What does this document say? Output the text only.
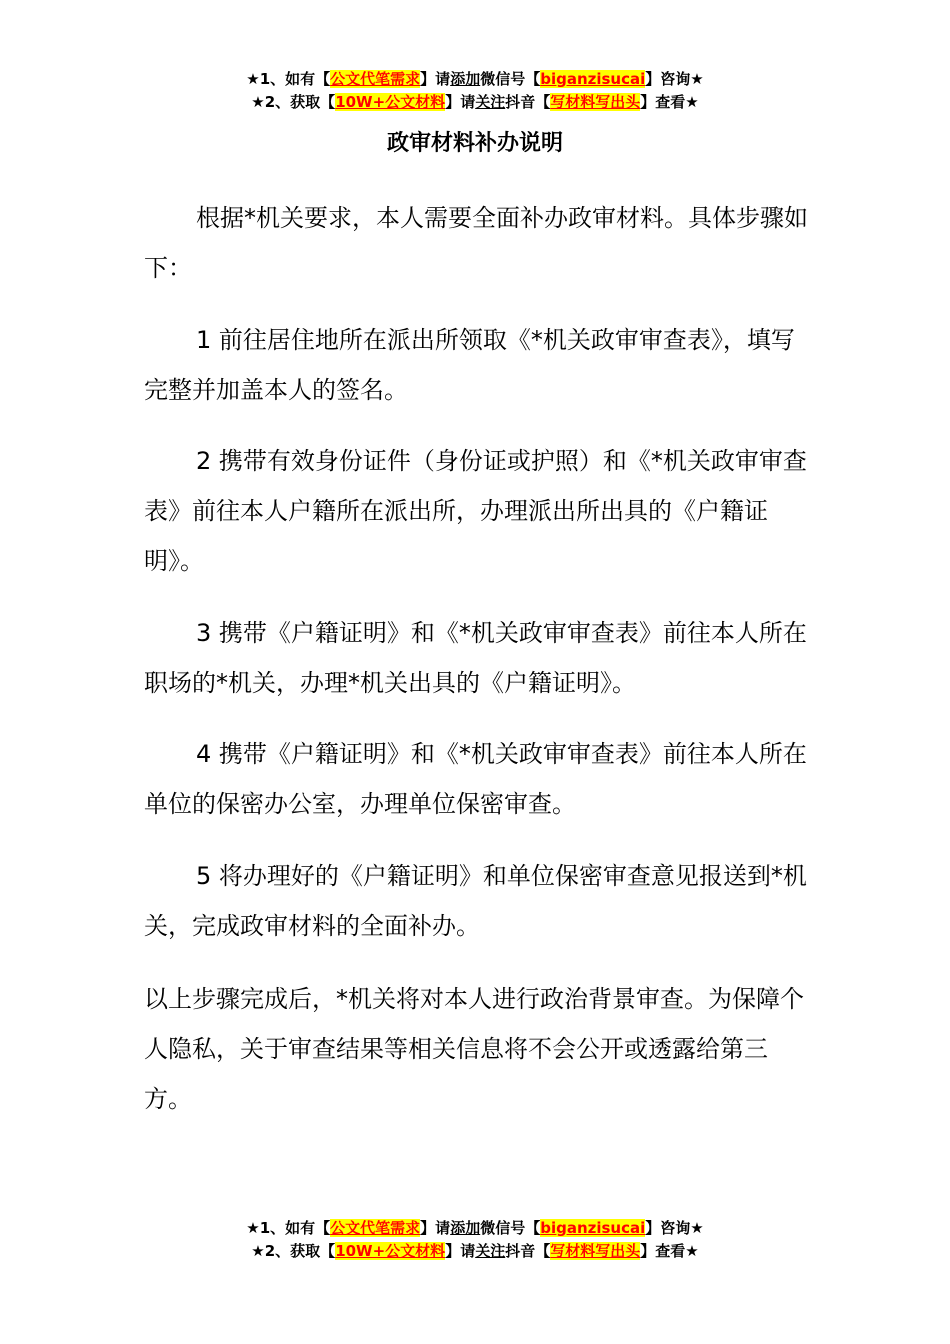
★1、如有【公文代笔需求】请添加微信号【biganzisucai】咨询★
★2、获取【10W+公文材料】请关注抖音【写材料写出头】查看★
政审材料补办说明

根据*机关要求，本人需要全面补办政审材料。具体步骤如下：

1 前往居住地所在派出所领取《*机关政审审查表》，填写完整并加盖本人的签名。

2 携带有效身份证件（身份证或护照）和《*机关政审审查表》前往本人户籍所在派出所，办理派出所出具的《户籍证明》。

3 携带《户籍证明》和《*机关政审审查表》前往本人所在职场的*机关，办理*机关出具的《户籍证明》。

4 携带《户籍证明》和《*机关政审审查表》前往本人所在单位的保密办公室，办理单位保密审查。

5 将办理好的《户籍证明》和单位保密审查意见报送到*机关，完成政审材料的全面补办。

以上步骤完成后，*机关将对本人进行政治背景审查。为保障个人隐私，关于审查结果等相关信息将不会公开或透露给第三方。

★1、如有【公文代笔需求】请添加微信号【biganzisucai】咨询★
★2、获取【10W+公文材料】请关注抖音【写材料写出头】查看★
